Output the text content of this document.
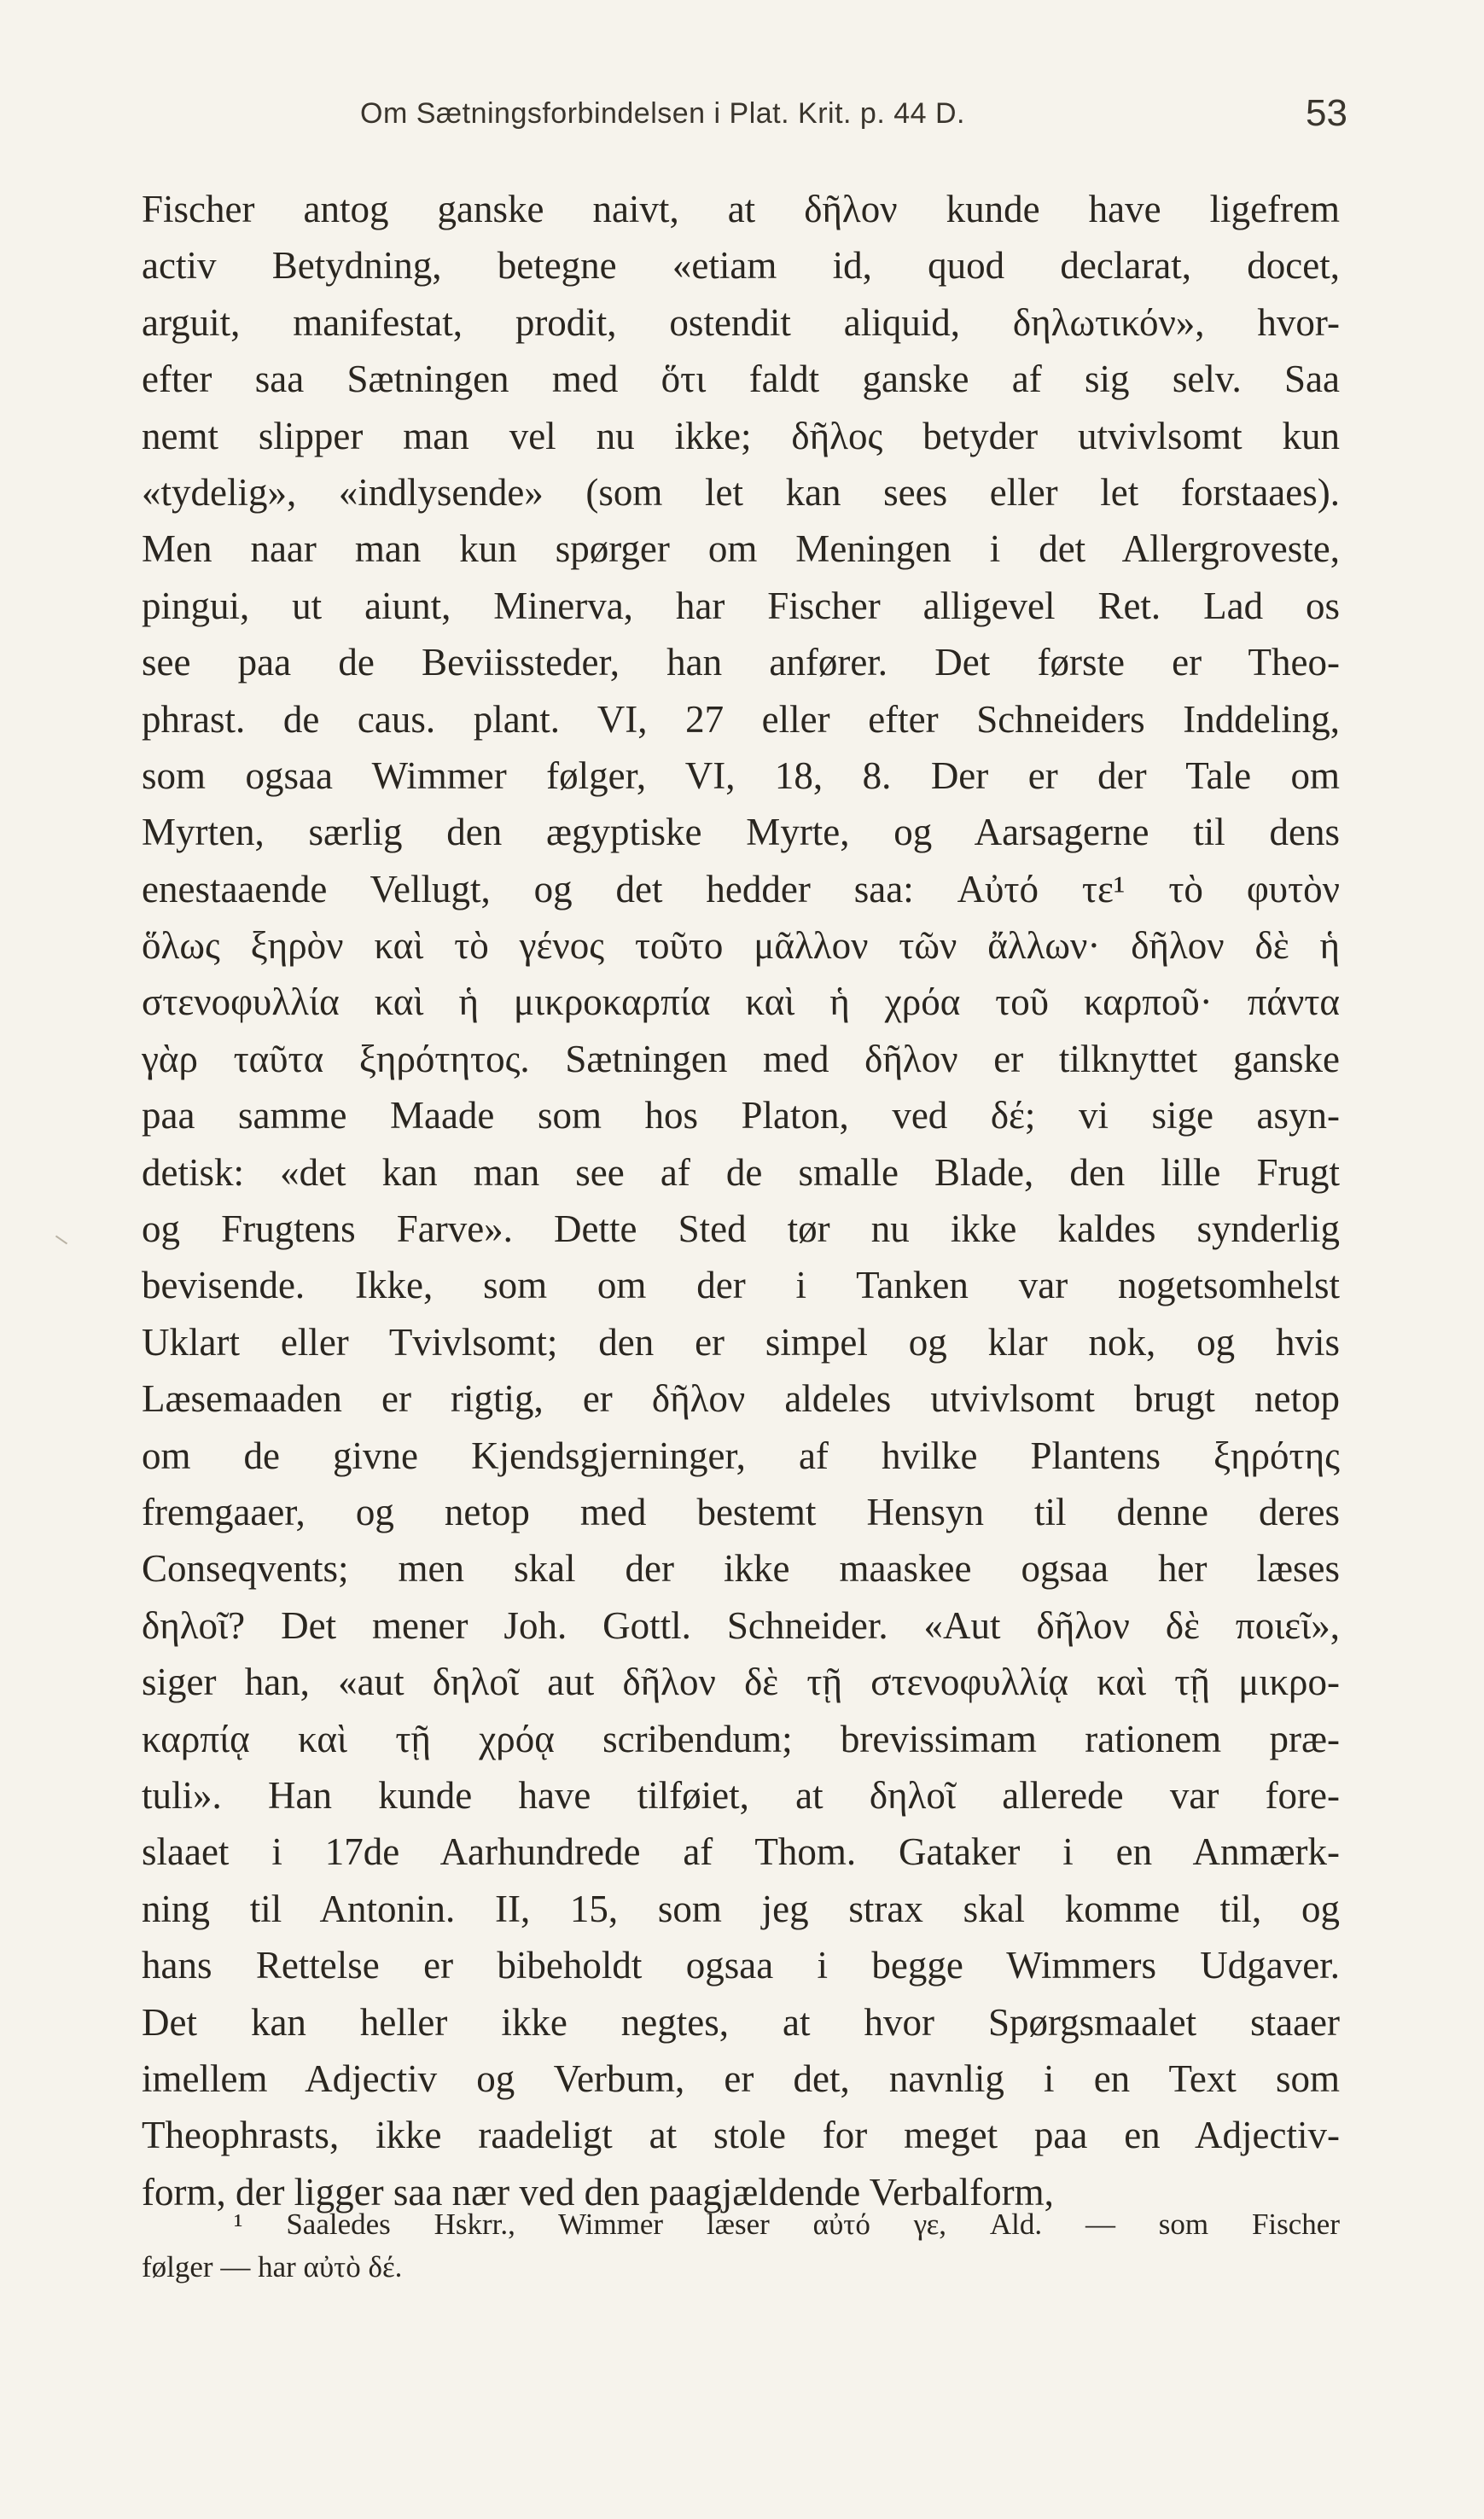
Om Sætningsforbindelsen i Plat. Krit. p. 44 D.	53
Fischer antog ganske naivt, at δῆλον kunde have ligefrem
activ Betydning, betegne «etiam id, quod declarat, docet,
arguit, manifestat, prodit, ostendit aliquid, δηλωτικόν», hvor-
efter saa Sætningen med ὅτι faldt ganske af sig selv. Saa
nemt slipper man vel nu ikke; δῆλος betyder utvivlsomt kun
«tydelig», «indlysende» (som let kan sees eller let forstaaes).
Men naar man kun spørger om Meningen i det Allergroveste,
pingui, ut aiunt, Minerva, har Fischer alligevel Ret. Lad os
see paa de Beviissteder, han anfører. Det første er Theo-
phrast. de caus. plant. VI, 27 eller efter Schneiders Inddeling,
som ogsaa Wimmer følger, VI, 18, 8. Der er der Tale om
Myrten, særlig den ægyptiske Myrte, og Aarsagerne til dens
enestaaende Vellugt, og det hedder saa: Αὐτό τε¹ τὸ φυτὸν
ὅλως ξηρὸν καὶ τὸ γένος τοῦτο μᾶλλον τῶν ἄλλων· δῆλον δὲ ἡ
στενοφυλλία καὶ ἡ μικροκαρπία καὶ ἡ χρόα τοῦ καρποῦ· πάντα
γὰρ ταῦτα ξηρότητος. Sætningen med δῆλον er tilknyttet ganske
paa samme Maade som hos Platon, ved δέ; vi sige asyn-
detisk: «det kan man see af de smalle Blade, den lille Frugt
og Frugtens Farve». Dette Sted tør nu ikke kaldes synderlig
bevisende. Ikke, som om der i Tanken var nogetsomhelst
Uklart eller Tvivlsomt; den er simpel og klar nok, og hvis
Læsemaaden er rigtig, er δῆλον aldeles utvivlsomt brugt netop
om de givne Kjendsgjerninger, af hvilke Plantens ξηρότης
fremgaaer, og netop med bestemt Hensyn til denne deres
Conseqvents; men skal der ikke maaskee ogsaa her læses
δηλοῖ? Det mener Joh. Gottl. Schneider. «Aut δῆλον δὲ ποιεῖ»,
siger han, «aut δηλοῖ aut δῆλον δὲ τῇ στενοφυλλίᾳ καὶ τῇ μικρο-
καρπίᾳ καὶ τῇ χρόᾳ scribendum; brevissimam rationem præ-
tuli». Han kunde have tilføiet, at δηλοῖ allerede var fore-
slaaet i 17de Aarhundrede af Thom. Gataker i en Anmærk-
ning til Antonin. II, 15, som jeg strax skal komme til, og
hans Rettelse er bibeholdt ogsaa i begge Wimmers Udgaver.
Det kan heller ikke negtes, at hvor Spørgsmaalet staaer
imellem Adjectiv og Verbum, er det, navnlig i en Text som
Theophrasts, ikke raadeligt at stole for meget paa en Adjectiv-
form, der ligger saa nær ved den paagjældende Verbalform,
¹ Saaledes Hskrr., Wimmer læser αὐτό γε, Ald. — som Fischer
følger — har αὐτὸ δέ.
